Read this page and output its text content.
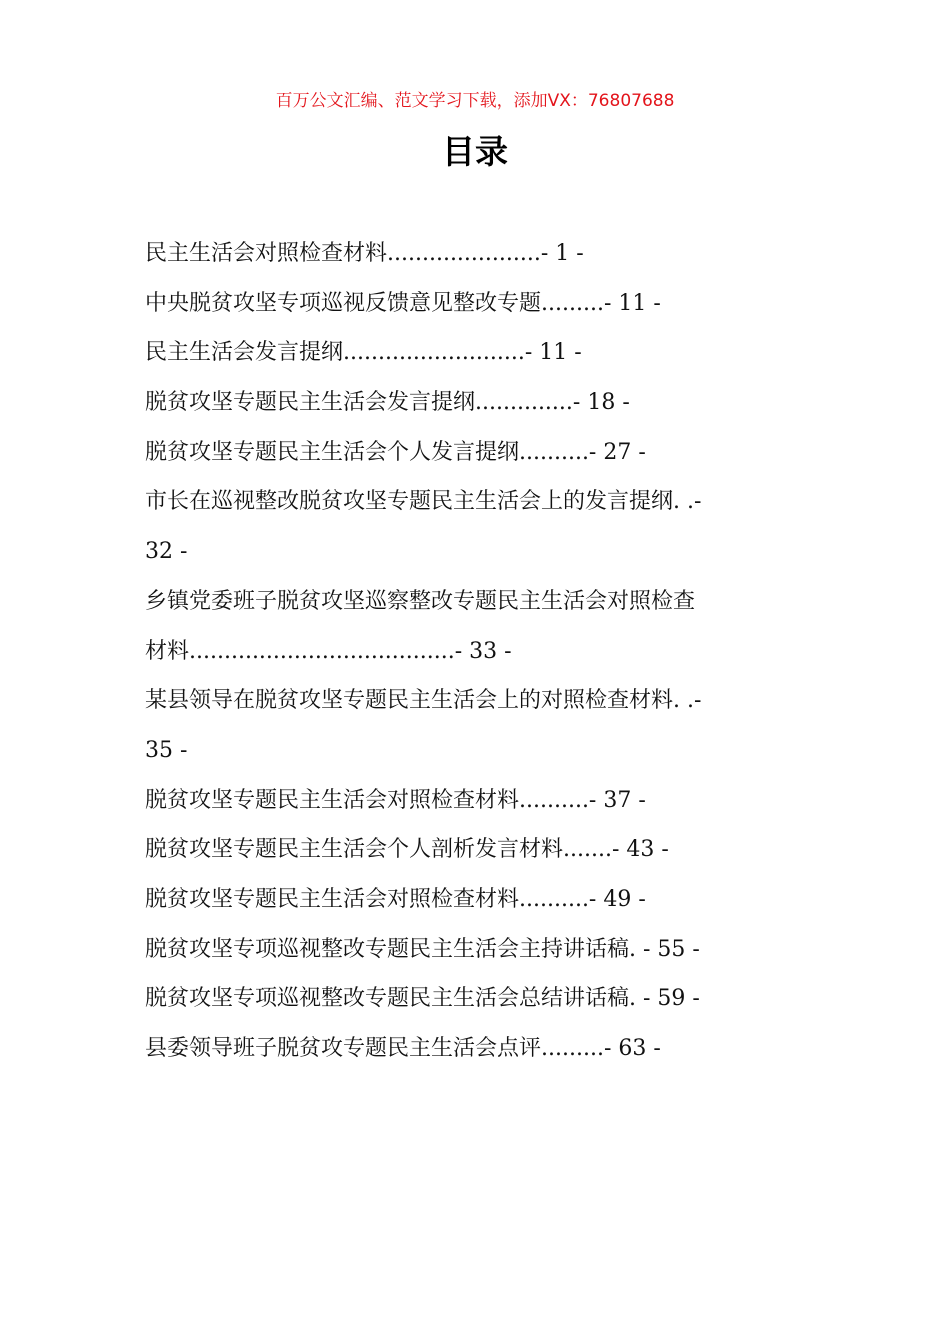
百万公文汇编、范文学习下载，添加VX：76807688
目录
民主生活会对照检查材料......................- 1 -
中央脱贫攻坚专项巡视反馈意见整改专题.........- 11 -
民主生活会发言提纲..........................- 11 -
脱贫攻坚专题民主生活会发言提纲..............- 18 -
脱贫攻坚专题民主生活会个人发言提纲..........- 27 -
市长在巡视整改脱贫攻坚专题民主生活会上的发言提纲. .-
32 -
乡镇党委班子脱贫攻坚巡察整改专题民主生活会对照检查
材料......................................- 33 -
某县领导在脱贫攻坚专题民主生活会上的对照检查材料. .-
35 -
脱贫攻坚专题民主生活会对照检查材料..........- 37 -
脱贫攻坚专题民主生活会个人剖析发言材料.......- 43 -
脱贫攻坚专题民主生活会对照检查材料..........- 49 -
脱贫攻坚专项巡视整改专题民主生活会主持讲话稿. - 55 -
脱贫攻坚专项巡视整改专题民主生活会总结讲话稿. - 59 -
县委领导班子脱贫攻专题民主生活会点评.........- 63 -
